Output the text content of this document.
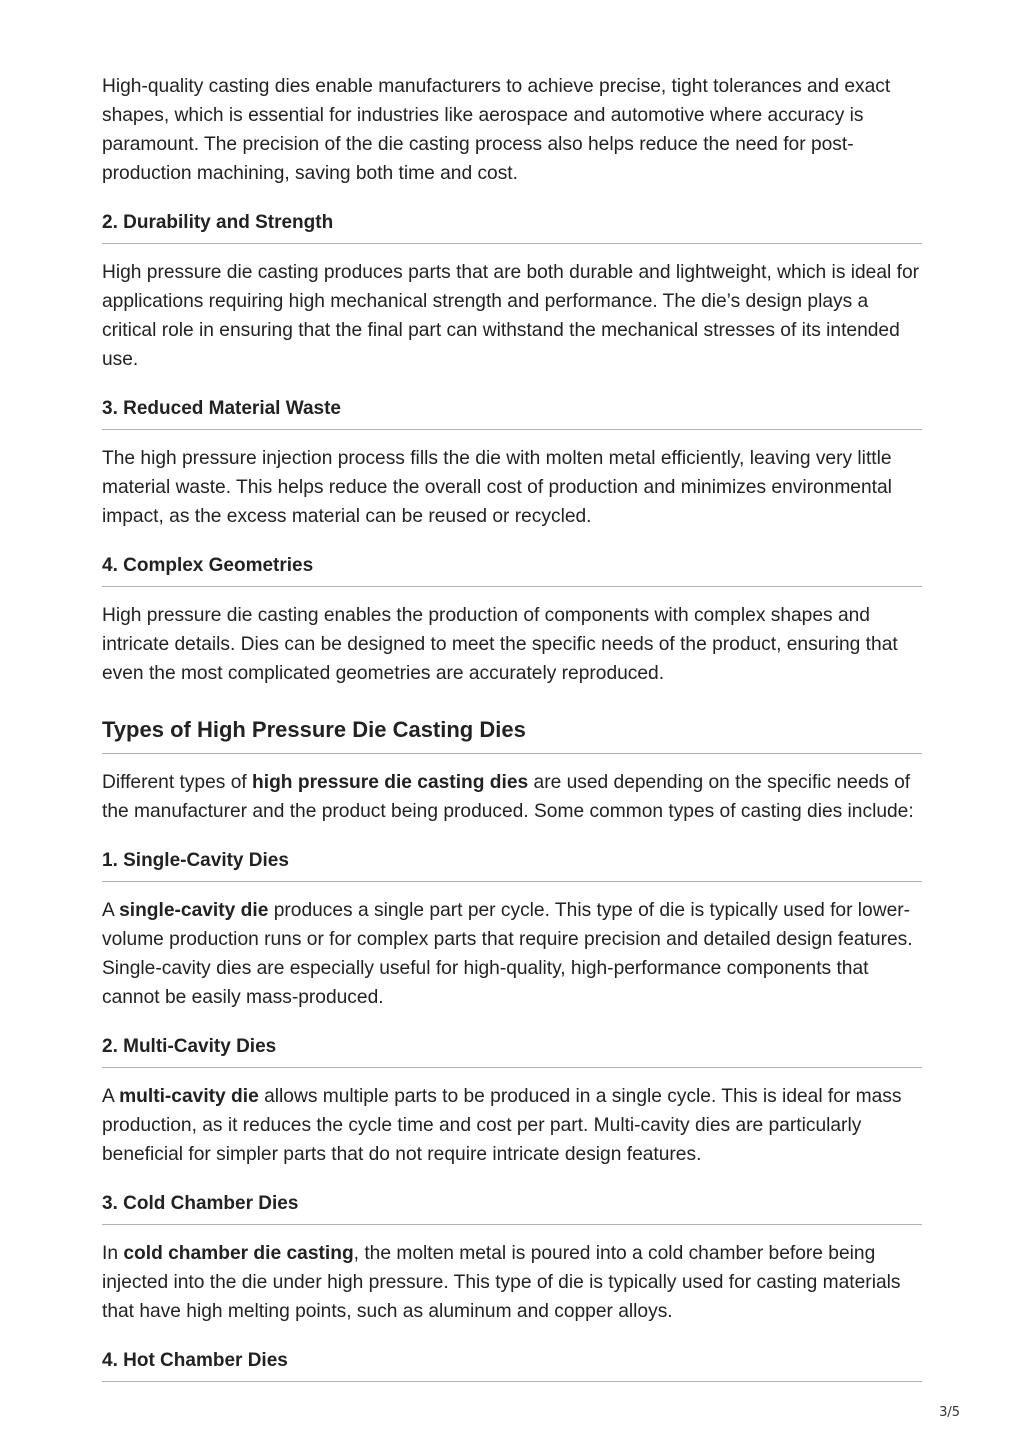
High-quality casting dies enable manufacturers to achieve precise, tight tolerances and exact shapes, which is essential for industries like aerospace and automotive where accuracy is paramount. The precision of the die casting process also helps reduce the need for post-production machining, saving both time and cost.

2. Durability and Strength

High pressure die casting produces parts that are both durable and lightweight, which is ideal for applications requiring high mechanical strength and performance. The die’s design plays a critical role in ensuring that the final part can withstand the mechanical stresses of its intended use.

3. Reduced Material Waste

The high pressure injection process fills the die with molten metal efficiently, leaving very little material waste. This helps reduce the overall cost of production and minimizes environmental impact, as the excess material can be reused or recycled.

4. Complex Geometries

High pressure die casting enables the production of components with complex shapes and intricate details. Dies can be designed to meet the specific needs of the product, ensuring that even the most complicated geometries are accurately reproduced.

Types of High Pressure Die Casting Dies

Different types of high pressure die casting dies are used depending on the specific needs of the manufacturer and the product being produced. Some common types of casting dies include:

1. Single-Cavity Dies

A single-cavity die produces a single part per cycle. This type of die is typically used for lower-volume production runs or for complex parts that require precision and detailed design features. Single-cavity dies are especially useful for high-quality, high-performance components that cannot be easily mass-produced.

2. Multi-Cavity Dies

A multi-cavity die allows multiple parts to be produced in a single cycle. This is ideal for mass production, as it reduces the cycle time and cost per part. Multi-cavity dies are particularly beneficial for simpler parts that do not require intricate design features.

3. Cold Chamber Dies

In cold chamber die casting, the molten metal is poured into a cold chamber before being injected into the die under high pressure. This type of die is typically used for casting materials that have high melting points, such as aluminum and copper alloys.

4. Hot Chamber Dies
3/5
